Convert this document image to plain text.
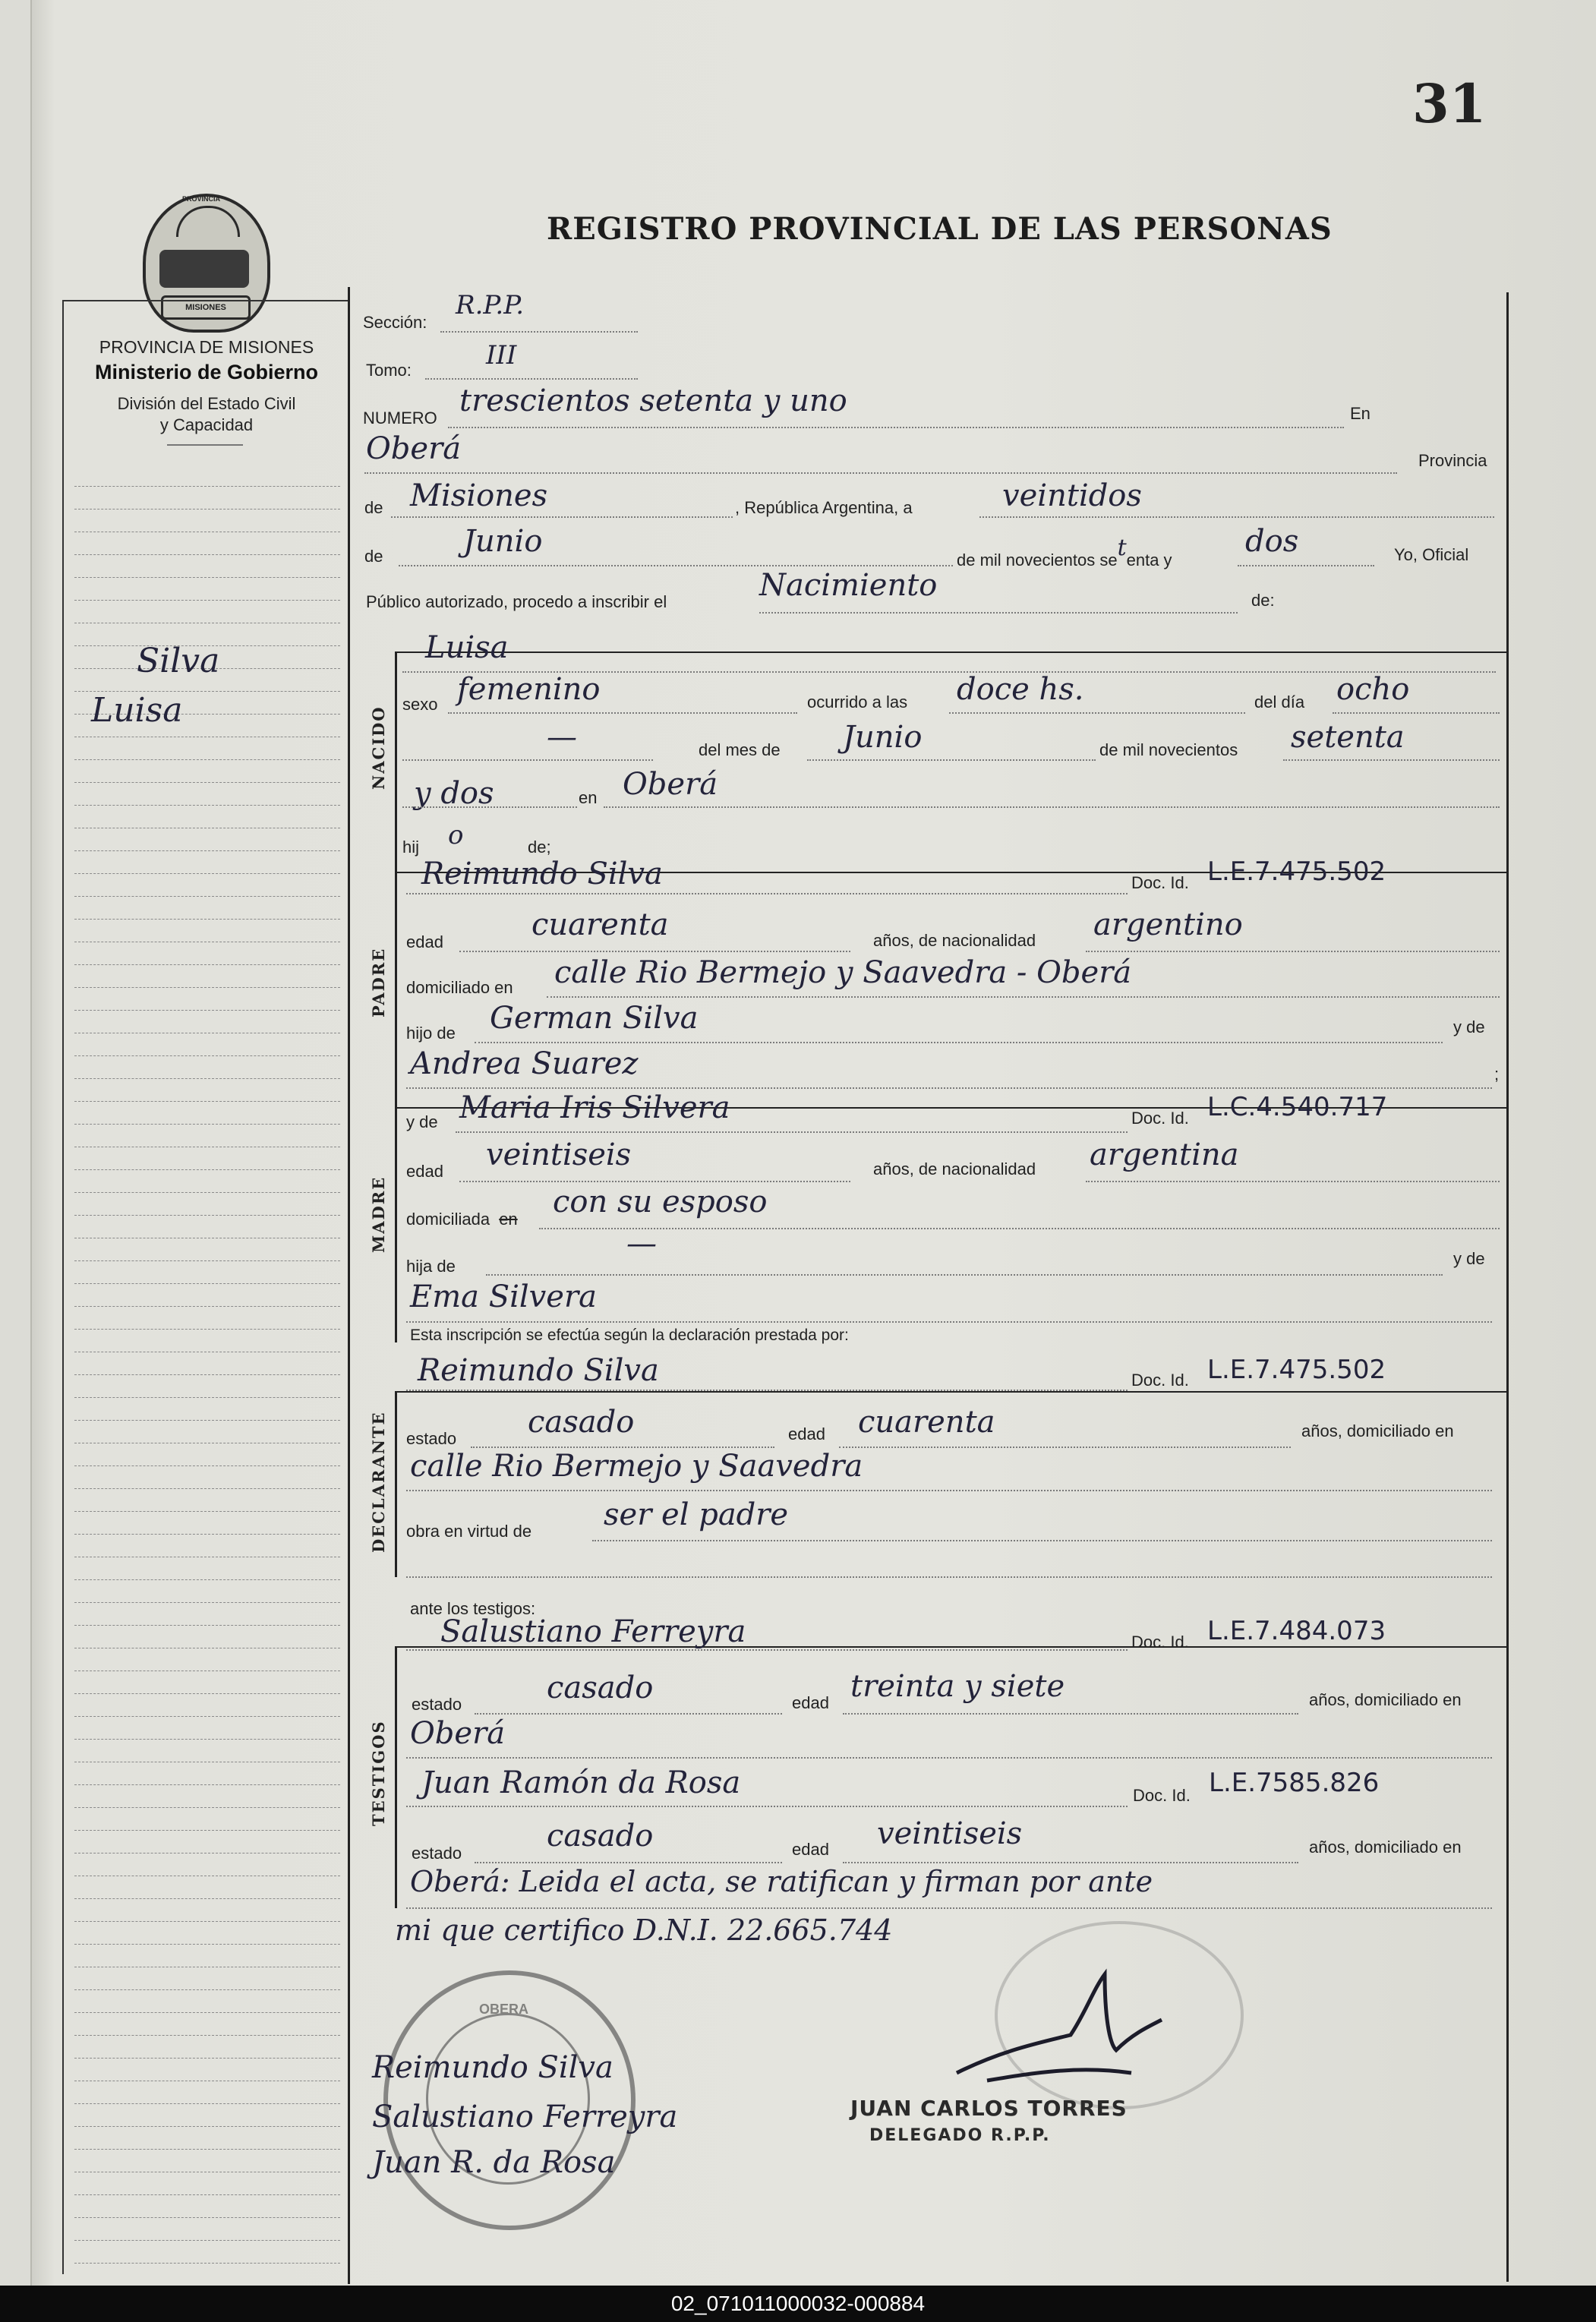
31
REGISTRO PROVINCIAL DE LAS PERSONAS
PROVINCIA
MISIONES
PROVINCIA DE MISIONES
Ministerio de Gobierno
División del Estado Civil
y Capacidad
Silva
Luisa
Sección:
R.P.P.
Tomo:	III
NUMERO trescientos setenta y uno	En
Oberá	Provincia
de Misiones	, República Argentina, a	veintidos
de	Junio
de mil novecientos setenta y
dos	Yo, Oficial
Público autorizado, procedo a inscribir el	Nacimiento	de:
NACIDO
Luisa
sexo femenino	ocurrido a las doce hs.	del día ocho
—	del mes de Junio	de mil novecientos setenta
y dos	en Oberá
hij o	de;
PADRE
Reimundo Silva	Doc. Id. L.E.7.475.502
edad	cuarenta	años, de nacionalidad argentino
domiciliado en calle Rio Bermejo y Saavedra - Oberá
hijo de German Silva	y de
Andrea Suarez	;
MADRE
y de Maria Iris Silvera	Doc. Id. L.C.4.540.717
edad veintiseis	años, de nacionalidad argentina
domiciliada en con su esposo
hija de
—	y de
Ema Silvera
Esta inscripción se efectúa según la declaración prestada por:
DECLARANTE
Reimundo Silva	Doc. Id. L.E.7.475.502
estado casado	edad cuarenta	años, domiciliado en
calle Rio Bermejo y Saavedra
obra en virtud de ser el padre
ante los testigos:
TESTIGOS
Salustiano Ferreyra	Doc. Id. L.E.7.484.073
estado	casado	edad treinta y siete	años, domiciliado en
Oberá
Juan Ramón da Rosa	Doc. Id. L.E.7585.826
estado	casado	edad veintiseis	años, domiciliado en
Oberá: Leida el acta, se ratifican y firman por ante
mi que certifico D.N.I. 22.665.744
OBERA
JUAN CARLOS TORRES
DELEGADO R.P.P.
Reimundo Silva
Salustiano Ferreyra
Juan R. da Rosa
02_071011000032-000884
